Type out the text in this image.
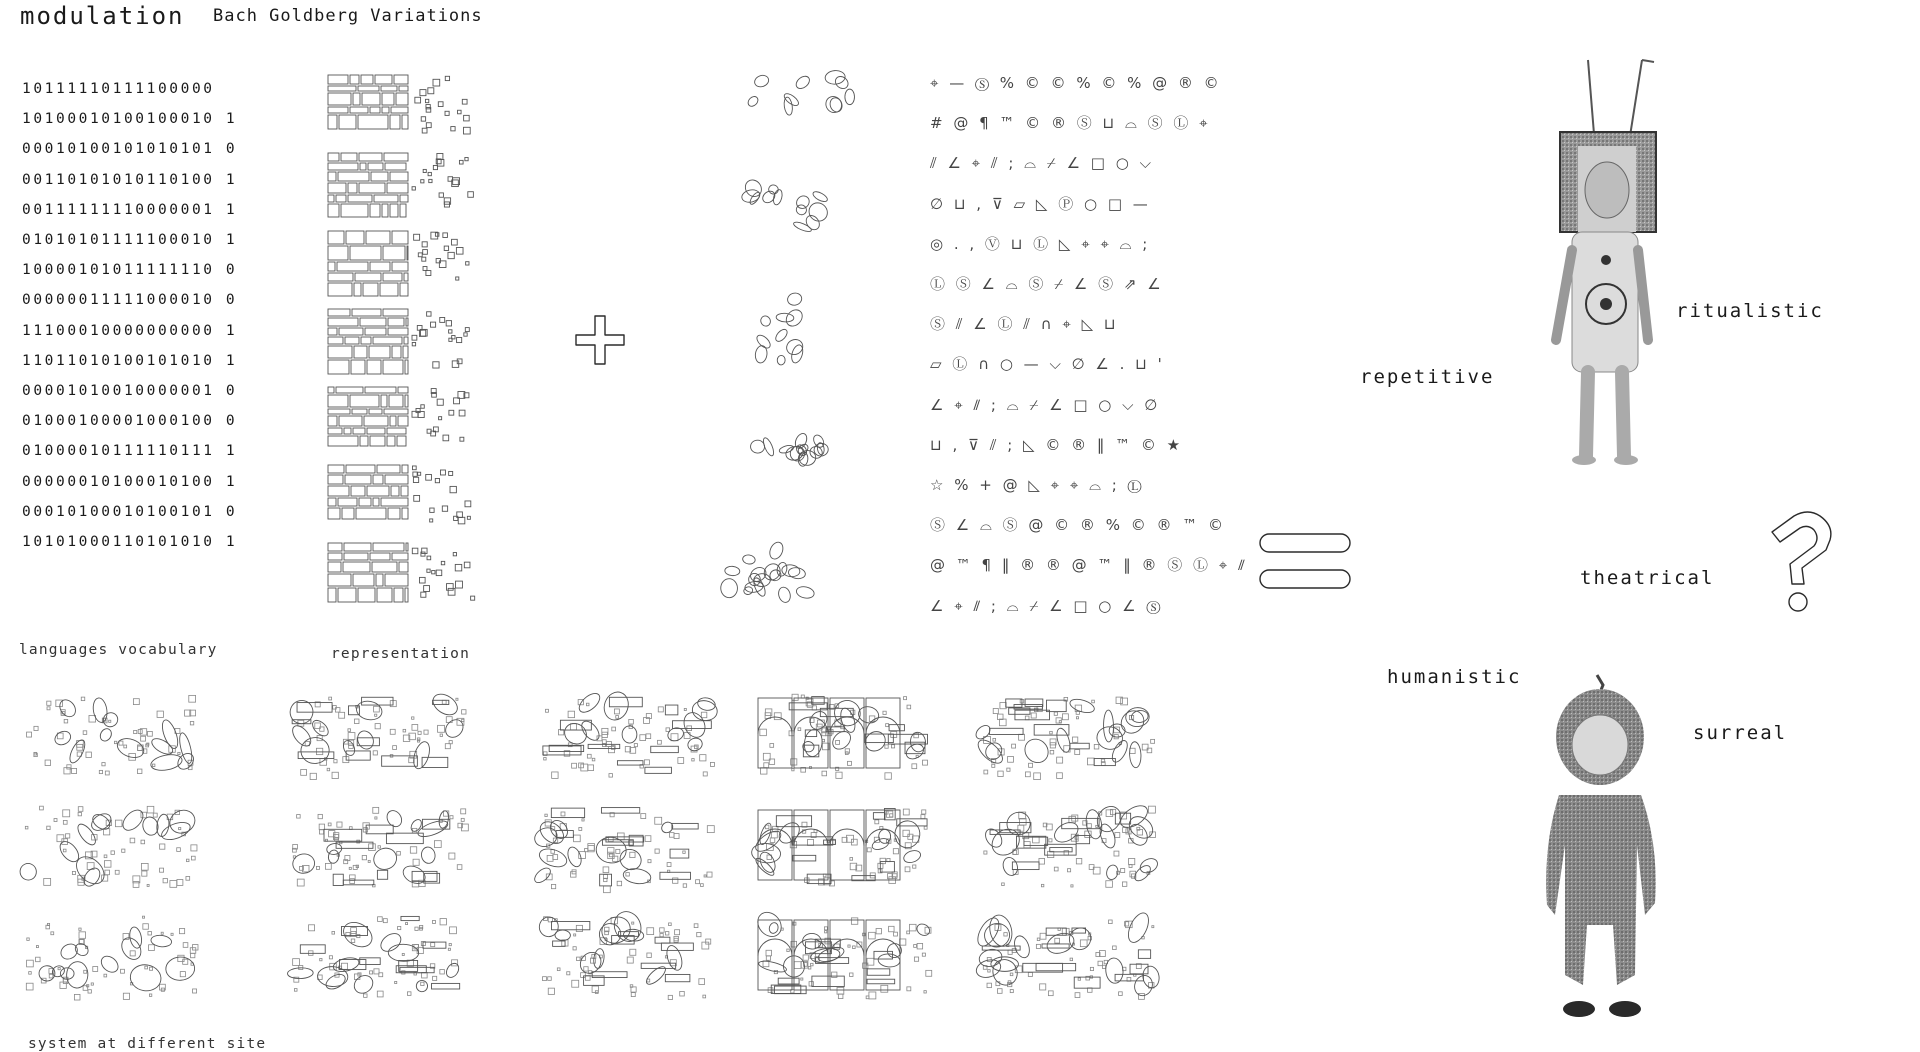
modulation Bach Goldberg Variations
10111110111100000
10100010100100010 1
00010100101010101 0
00110101010110100 1
00111111110000001 1
01010101111100010 1
10000101011111110 0
00000011111000010 0
11100010000000000 1
11011010100101010 1
00001010010000001 0
01000100001000100 0
01000010111110111 1
00000010100010100 1
00010100010100101 0
10101000110101010 1
⌖ — Ⓢ % © © % © % @ ® ©
# @ ¶ ™ © ® Ⓢ ⊔ ⌓ Ⓢ Ⓛ ⌖
⫽ ∠ ⌖ ⫽ ; ⌓ ⌿ ∠ □ ○ ⌵
∅ ⊔ , ⊽ ▱ ◺ Ⓟ ○ □ —
◎ . , Ⓥ ⊔ Ⓛ ◺ ⌖ ⌖ ⌓ ;
Ⓛ Ⓢ ∠ ⌓ Ⓢ ⌿ ∠ Ⓢ ⇗ ∠
Ⓢ ⫽ ∠ Ⓛ ⫽ ∩ ⌖ ◺ ⊔
▱ Ⓛ ∩ ○ — ⌵ ∅ ∠ . ⊔ '
∠ ⌖ ⫽ ; ⌓ ⌿ ∠ □ ○ ⌵ ∅
⊔ , ⊽ ⫽ ; ◺ © ® ‖ ™ © ★
☆ % + @ ◺ ⌖ ⌖ ⌓ ; Ⓛ
Ⓢ ∠ ⌓ Ⓢ @ © ® % © ® ™ ©
@ ™ ¶ ‖ ® ® @ ™ ‖ ® Ⓢ Ⓛ ⌖ ⫽
∠ ⌖ ⫽ ; ⌓ ⌿ ∠ □ ○ ∠ Ⓢ
repetitive
ritualistic
theatrical
humanistic
surreal
languages vocabulary	representation
system at different site
